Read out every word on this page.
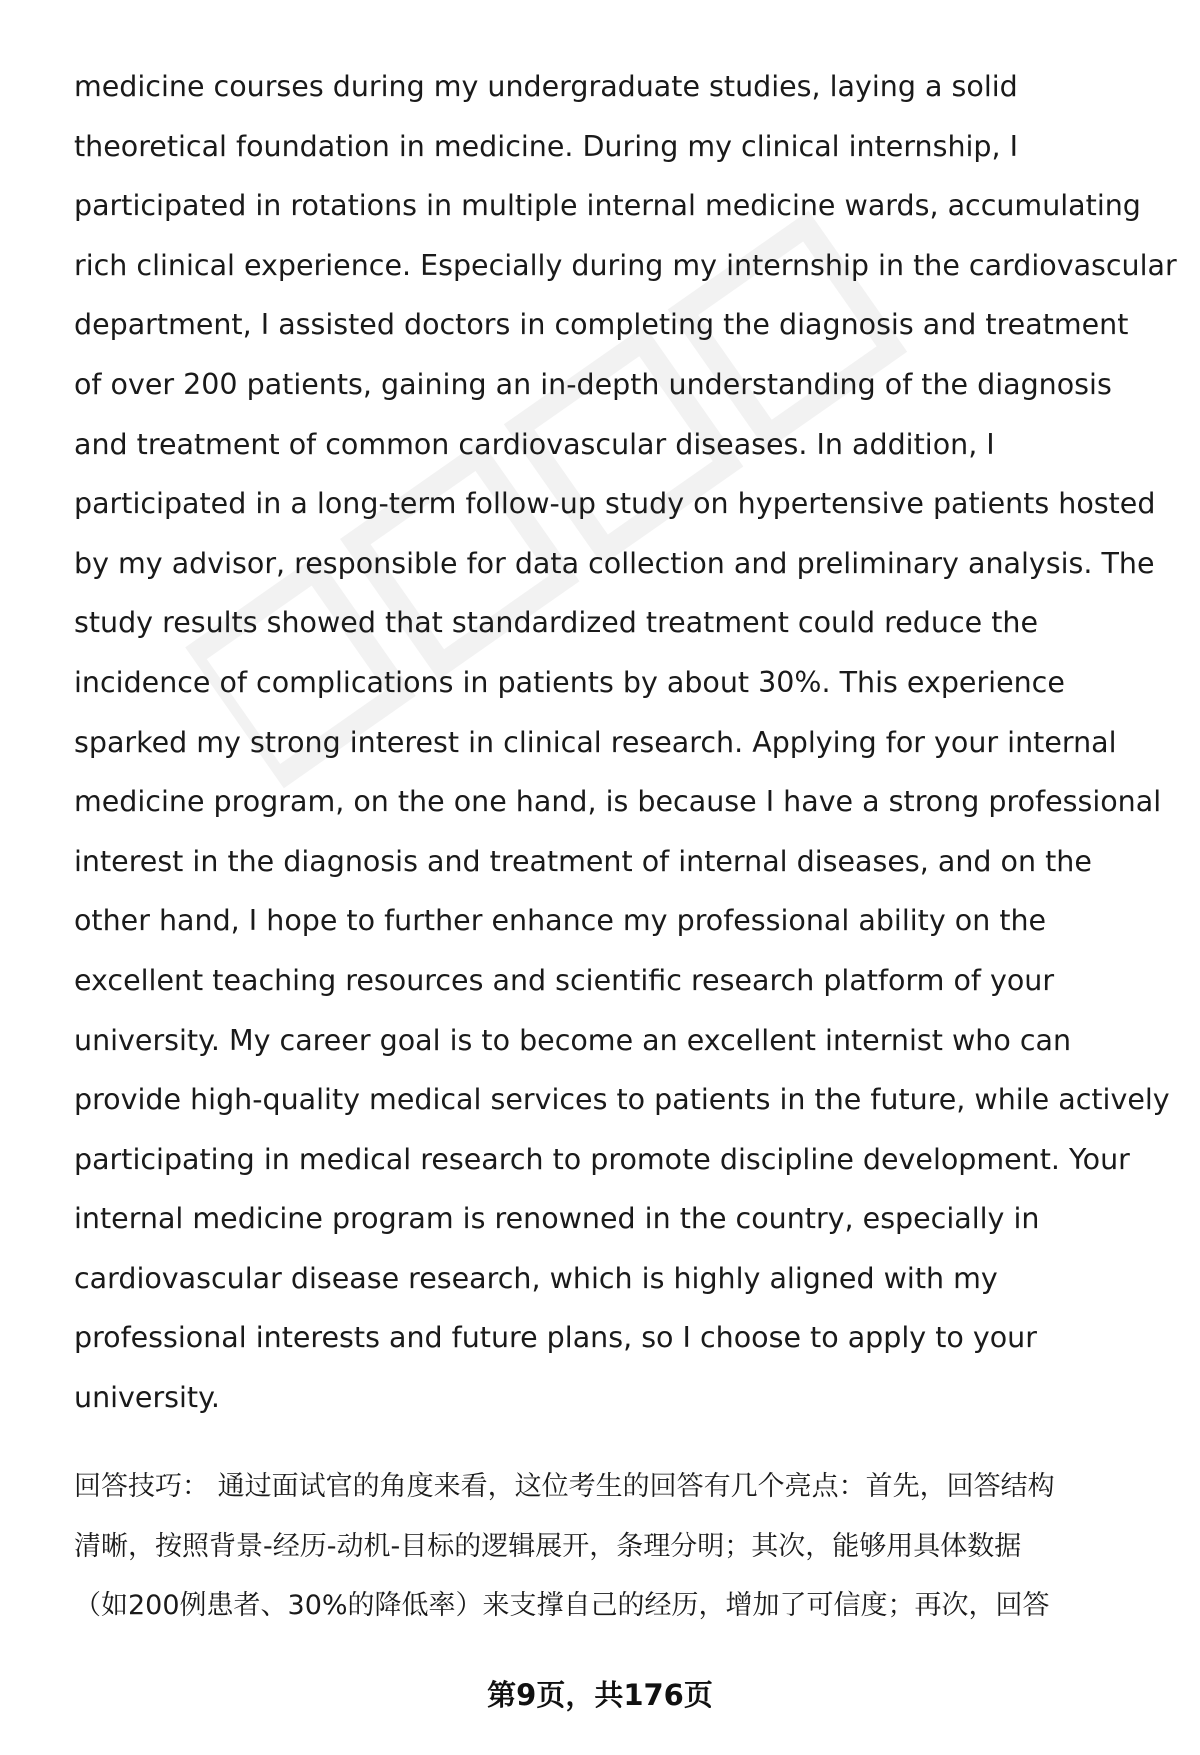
medicine courses during my undergraduate studies, laying a solid
theoretical foundation in medicine. During my clinical internship, I
participated in rotations in multiple internal medicine wards, accumulating
rich clinical experience. Especially during my internship in the cardiovascular
department, I assisted doctors in completing the diagnosis and treatment
of over 200 patients, gaining an in-depth understanding of the diagnosis
and treatment of common cardiovascular diseases. In addition, I
participated in a long-term follow-up study on hypertensive patients hosted
by my advisor, responsible for data collection and preliminary analysis. The
study results showed that standardized treatment could reduce the
incidence of complications in patients by about 30%. This experience
sparked my strong interest in clinical research. Applying for your internal
medicine program, on the one hand, is because I have a strong professional
interest in the diagnosis and treatment of internal diseases, and on the
other hand, I hope to further enhance my professional ability on the
excellent teaching resources and scientific research platform of your
university. My career goal is to become an excellent internist who can
provide high-quality medical services to patients in the future, while actively
participating in medical research to promote discipline development. Your
internal medicine program is renowned in the country, especially in
cardiovascular disease research, which is highly aligned with my
professional interests and future plans, so I choose to apply to your
university.
回答技巧： 通过面试官的角度来看，这位考生的回答有几个亮点：首先，回答结构
清晰，按照背景-经历-动机-目标的逻辑展开，条理分明；其次，能够用具体数据
（如200例患者、30%的降低率）来支撑自己的经历，增加了可信度；再次，回答
第9页，共176页
